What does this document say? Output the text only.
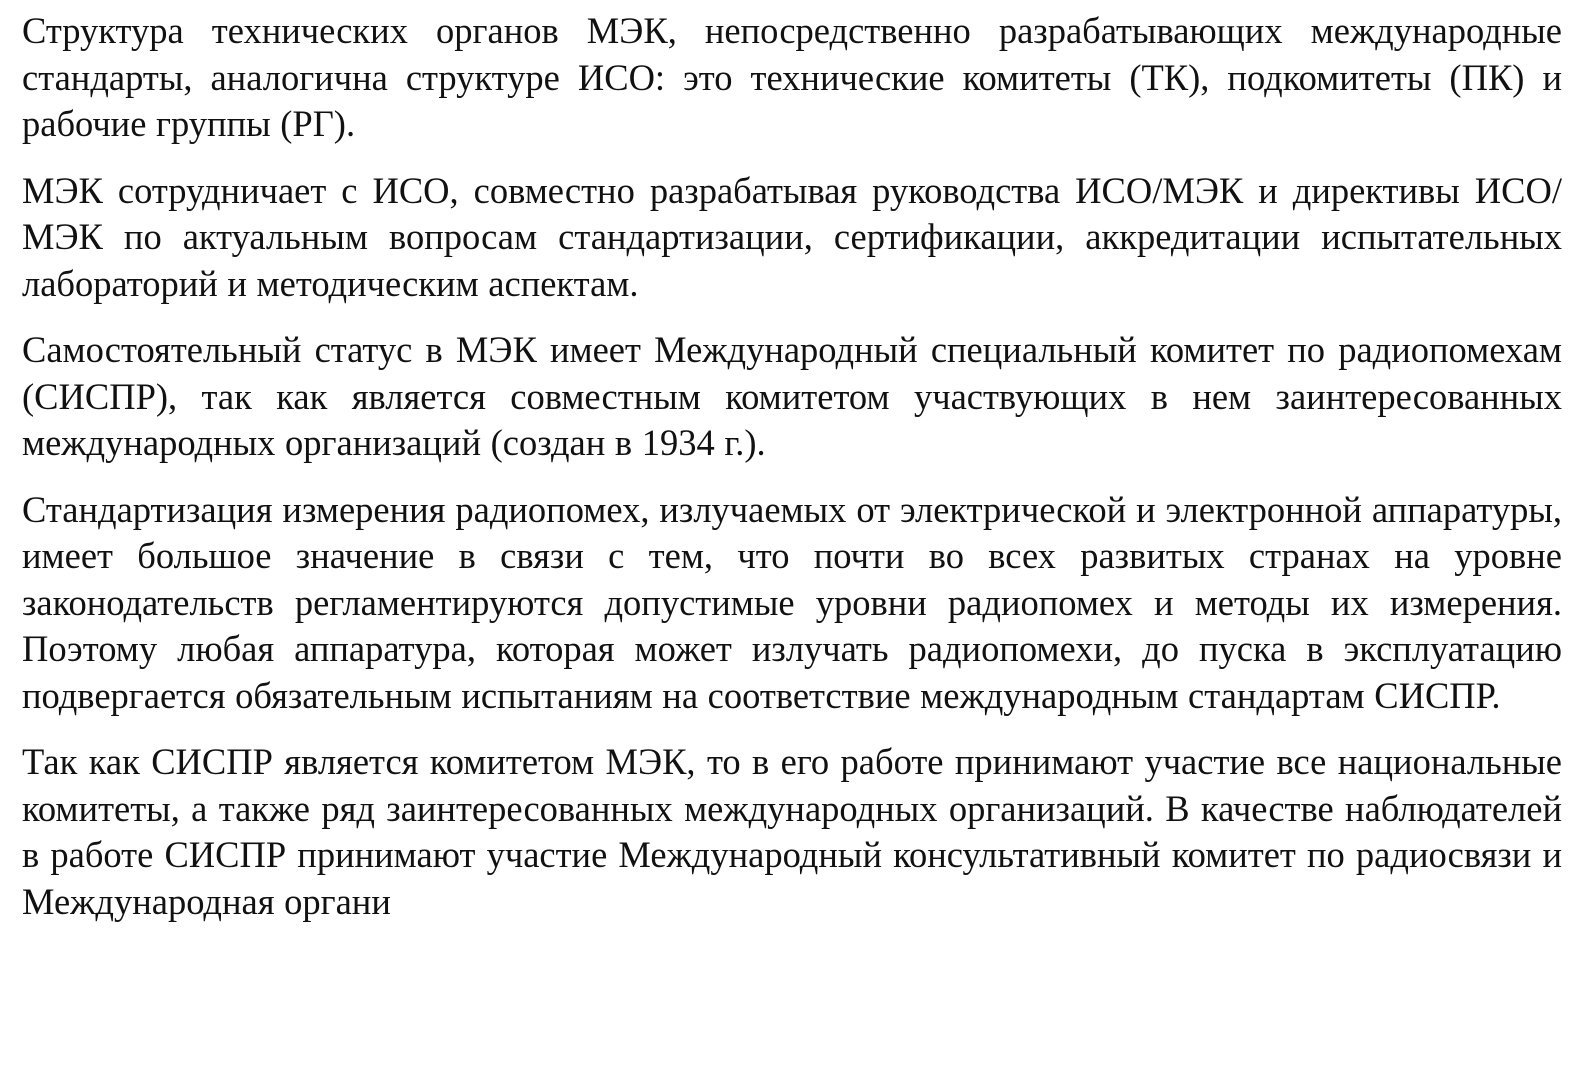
Структура технических органов МЭК, непосредственно разрабатывающих международные стандарты, аналогична структуре ИСО: это технические комитеты (ТК), подкомитеты (ПК) и рабочие группы (РГ).

МЭК сотрудничает с ИСО, совместно разрабатывая руководства ИСО/МЭК и директивы ИСО/МЭК по актуальным вопросам стандартизации, сертификации, аккредитации испытательных лабораторий и методическим аспектам.

Самостоятельный статус в МЭК имеет Международный специальный комитет по радиопомехам (СИСПР), так как является совместным комитетом участвующих в нем заинтересованных международных организаций (создан в 1934 г.).

Стандартизация измерения радиопомех, излучаемых от электрической и электронной аппаратуры, имеет большое значение в связи с тем, что почти во всех развитых странах на уровне законодательств регламентируются допустимые уровни радиопомех и методы их измерения. Поэтому любая аппаратура, которая может излучать радиопомехи, до пуска в эксплуатацию подвергается обязательным испытаниям на соответствие международным стандартам СИСПР.

Так как СИСПР является комитетом МЭК, то в его работе принимают участие все национальные комитеты, а также ряд заинтересованных международных организаций. В качестве наблюдателей в работе СИСПР принимают участие Международный консультативный комитет по радиосвязи и Международная органи
